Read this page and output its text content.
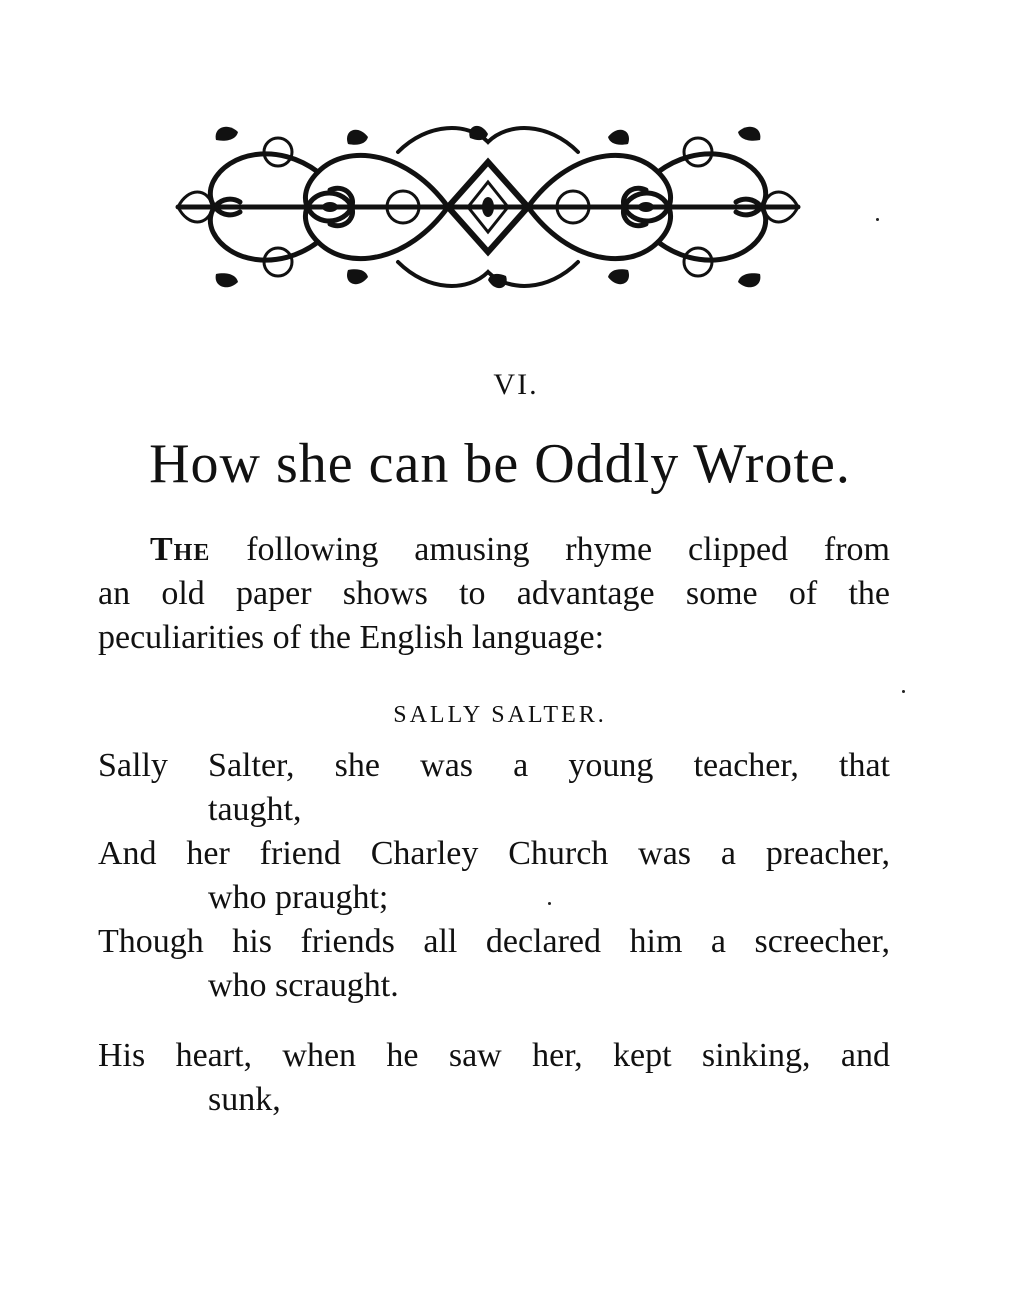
VI.
How she can be Oddly Wrote.
The following amusing rhyme clipped from
an old paper shows to advantage some of the
peculiarities of the English language:
SALLY SALTER.
Sally Salter, she was a young teacher, that
taught,
And her friend Charley Church was a preacher,
who praught;
Though his friends all declared him a screecher,
who scraught.
His heart, when he saw her, kept sinking, and
sunk,
